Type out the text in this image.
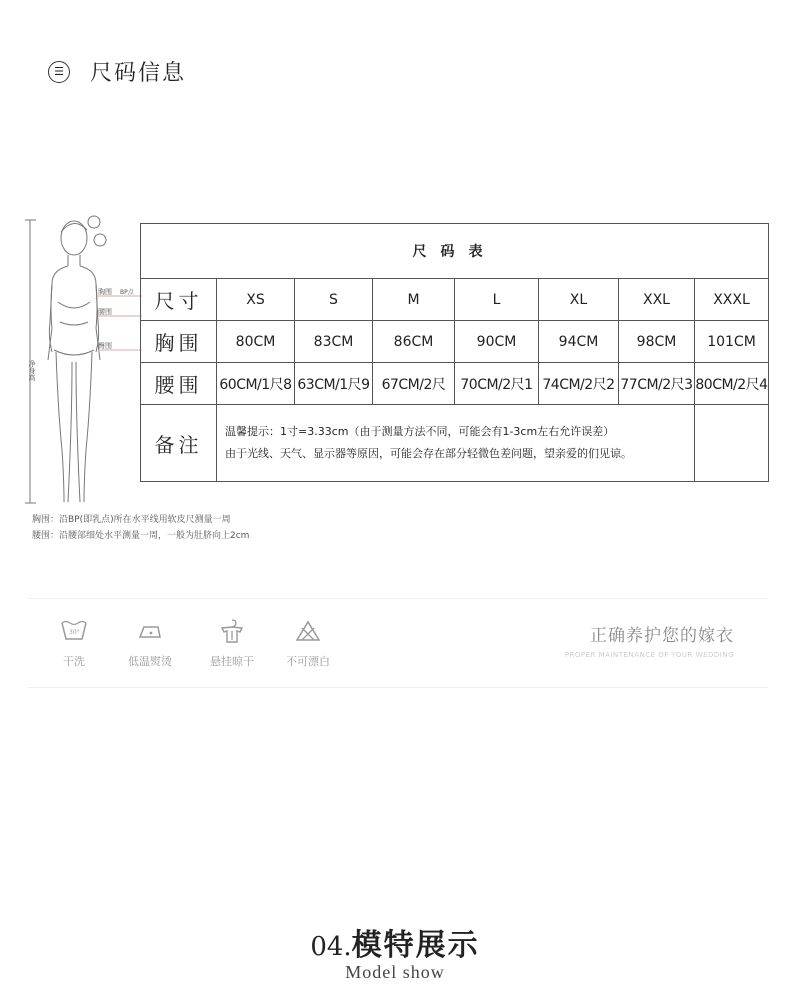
☰ 尺码信息
胸围 BP点
腰围
臀围
净身高
胸围：沿BP(即乳点)所在水平线用软皮尺测量一周
腰围：沿腰部细处水平测量一周，一般为肚脐向上2cm
尺码表							
尺寸	XS	S	M	L	XL	XXL	XXXL
胸围	80CM	83CM	86CM	90CM	94CM	98CM	101CM
腰围	60CM/1尺8	63CM/1尺9	67CM/2尺	70CM/2尺1	74CM/2尺2	77CM/2尺3	80CM/2尺4
备注	温馨提示：1寸=3.33cm（由于测量方法不同，可能会有1-3cm左右允许误差）
由于光线、天气、显示器等原因，可能会存在部分轻微色差问题，望亲爱的们见谅。						

30°
干洗	低温熨烫	悬挂晾干	不可漂白
正确养护您的嫁衣
PROPER MAINTENANCE OF YOUR WEDDING
04.模特展示
Model show
